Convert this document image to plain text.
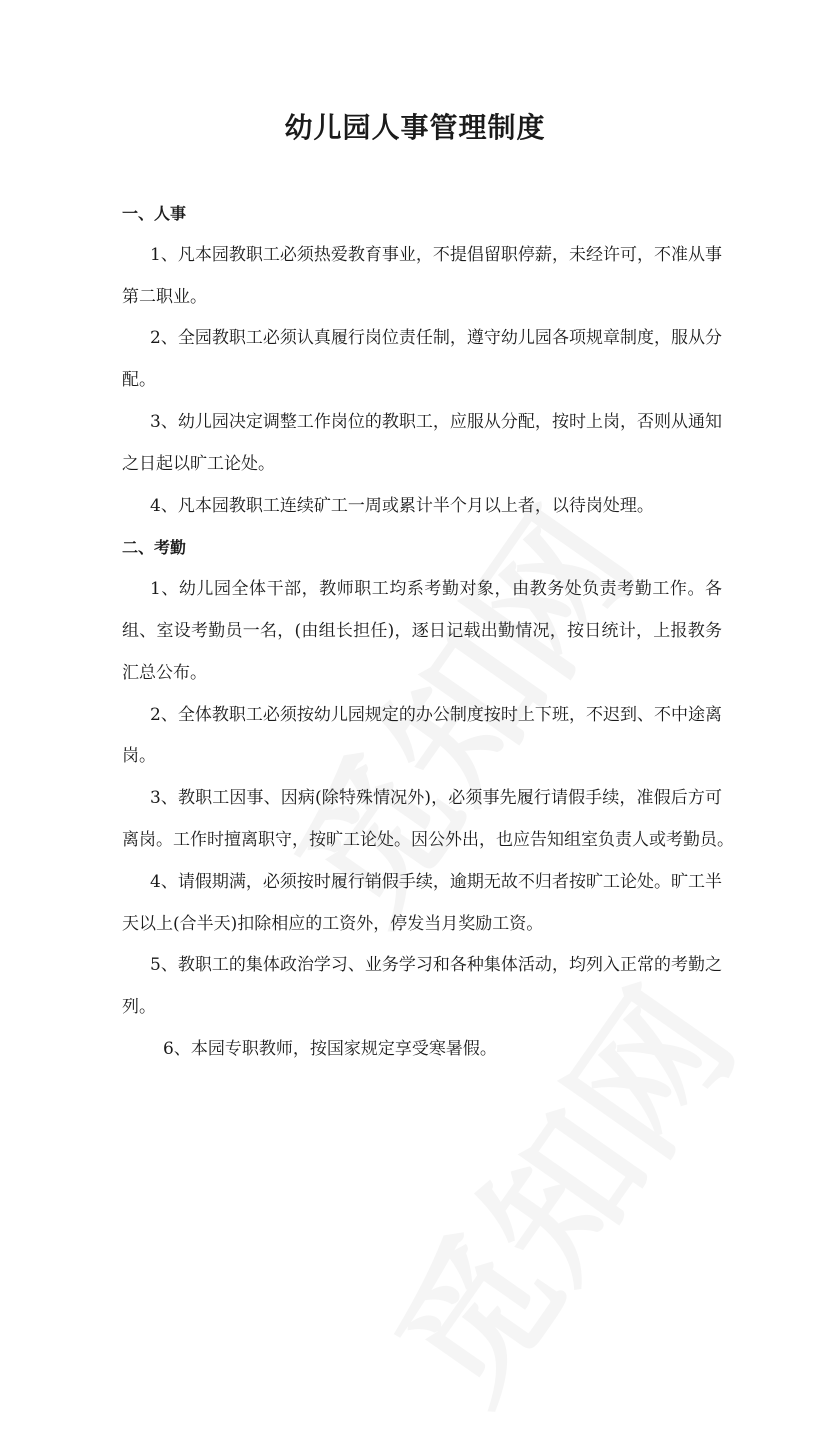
幼儿园人事管理制度
一、人事
1、凡本园教职工必须热爱教育事业，不提倡留职停薪，未经许可，不准从事
第二职业。
2、全园教职工必须认真履行岗位责任制，遵守幼儿园各项规章制度，服从分
配。
3、幼儿园决定调整工作岗位的教职工，应服从分配，按时上岗，否则从通知
之日起以旷工论处。
4、凡本园教职工连续矿工一周或累计半个月以上者，以待岗处理。
二、考勤
1、幼儿园全体干部，教师职工均系考勤对象，由教务处负责考勤工作。各
组、室设考勤员一名，(由组长担任)，逐日记载出勤情况，按日统计，上报教务
汇总公布。
2、全体教职工必须按幼儿园规定的办公制度按时上下班，不迟到、不中途离
岗。
3、教职工因事、因病(除特殊情况外)，必须事先履行请假手续，准假后方可
离岗。工作时擅离职守，按旷工论处。因公外出，也应告知组室负责人或考勤员。
4、请假期满，必须按时履行销假手续，逾期无故不归者按旷工论处。旷工半
天以上(合半天)扣除相应的工资外，停发当月奖励工资。
5、教职工的集体政治学习、业务学习和各种集体活动，均列入正常的考勤之
列。
6、本园专职教师，按国家规定享受寒暑假。
